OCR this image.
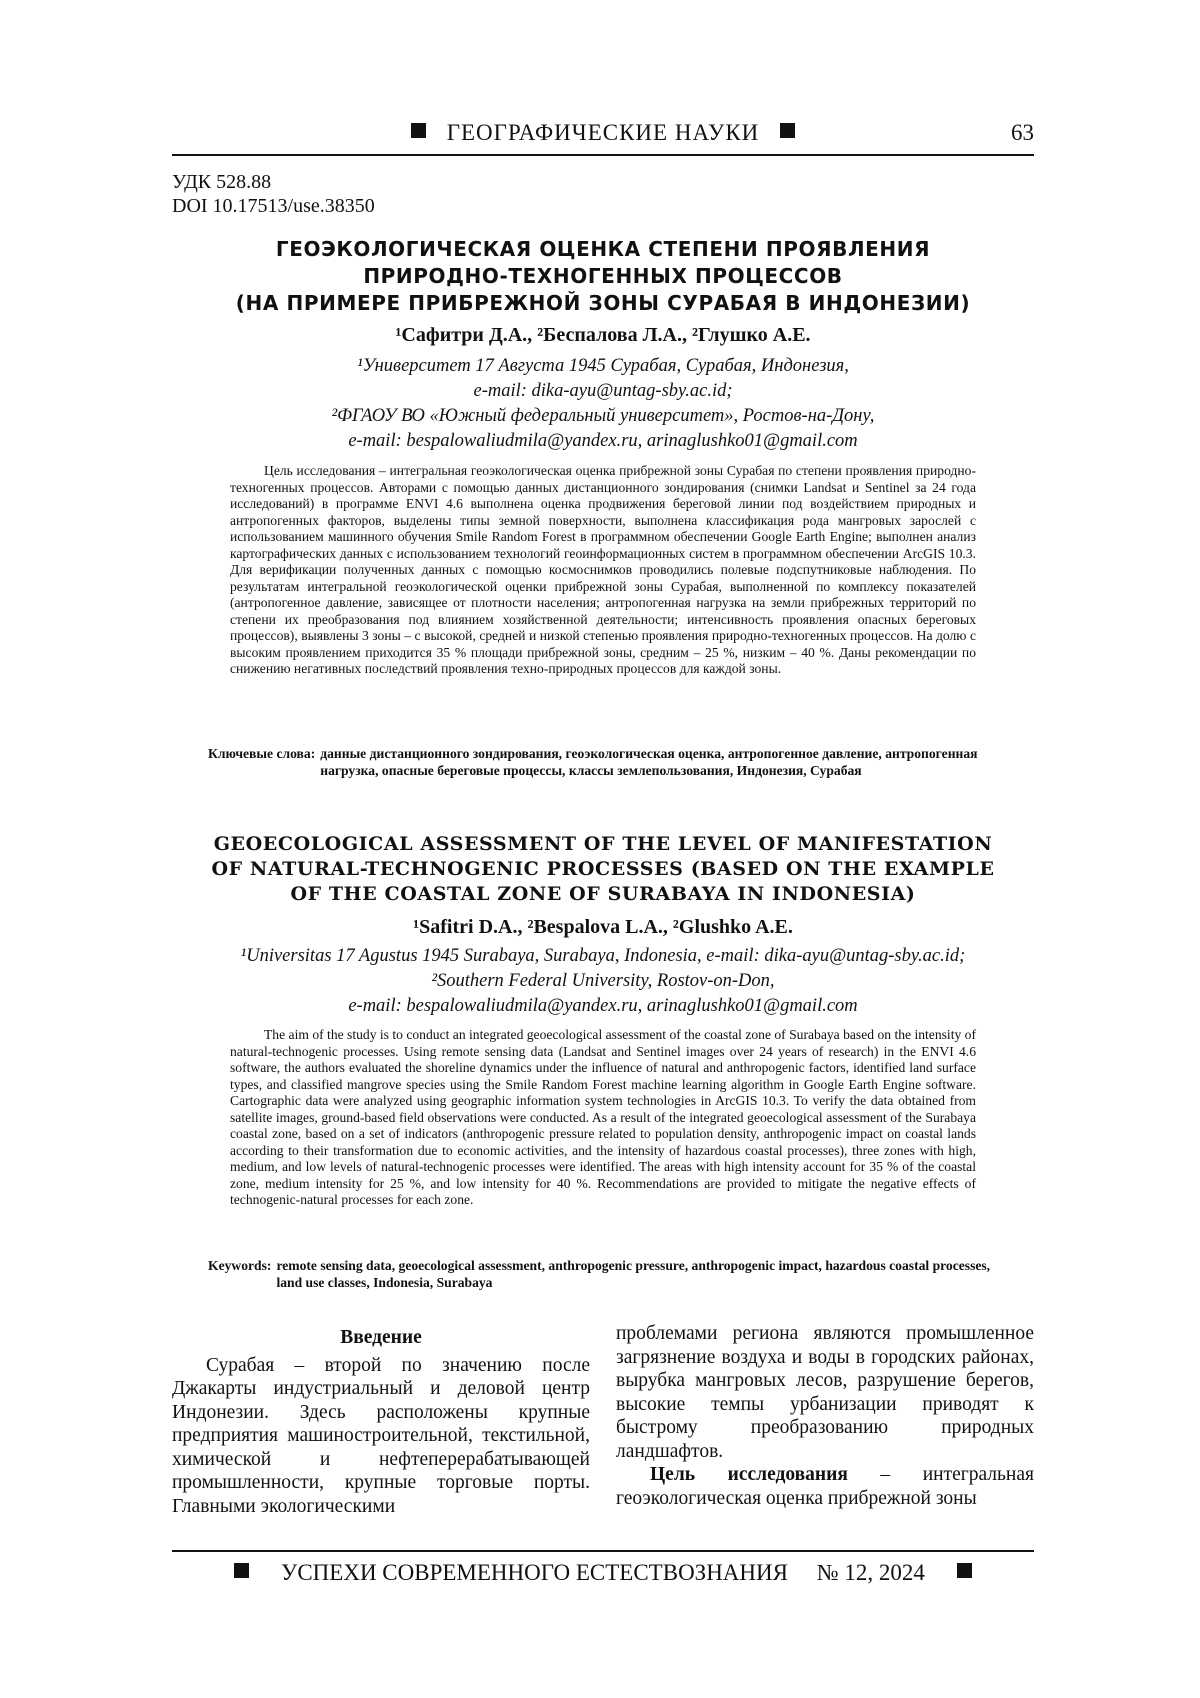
ГЕОГРАФИЧЕСКИЕ НАУКИ	63
УДК 528.88
DOI 10.17513/use.38350
ГЕОЭКОЛОГИЧЕСКАЯ ОЦЕНКА СТЕПЕНИ ПРОЯВЛЕНИЯ
ПРИРОДНО-ТЕХНОГЕННЫХ ПРОЦЕССОВ
(НА ПРИМЕРЕ ПРИБРЕЖНОЙ ЗОНЫ СУРАБАЯ В ИНДОНЕЗИИ)
¹Сафитри Д.А., ²Беспалова Л.А., ²Глушко А.Е.
¹Университет 17 Августа 1945 Сурабая, Сурабая, Индонезия,
e-mail: dika-ayu@untag-sby.ac.id;
²ФГАОУ ВО «Южный федеральный университет», Ростов-на-Дону,
e-mail: bespalowaliudmila@yandex.ru, arinaglushko01@gmail.com
Цель исследования – интегральная геоэкологическая оценка прибрежной зоны Сурабая по степени проявления природно-техногенных процессов. Авторами с помощью данных дистанционного зондирования (снимки Landsat и Sentinel за 24 года исследований) в программе ENVI 4.6 выполнена оценка продвижения береговой линии под воздействием природных и антропогенных факторов, выделены типы земной поверхности, выполнена классификация рода мангровых зарослей с использованием машинного обучения Smile Random Forest в программном обеспечении Google Earth Engine; выполнен анализ картографических данных с использованием технологий геоинформационных систем в программном обеспечении ArcGIS 10.3. Для верификации полученных данных с помощью космоснимков проводились полевые подспутниковые наблюдения. По результатам интегральной геоэкологической оценки прибрежной зоны Сурабая, выполненной по комплексу показателей (антропогенное давление, зависящее от плотности населения; антропогенная нагрузка на земли прибрежных территорий по степени их преобразования под влиянием хозяйственной деятельности; интенсивность проявления опасных береговых процессов), выявлены 3 зоны – с высокой, средней и низкой степенью проявления природно-техногенных процессов. На долю с высоким проявлением приходится 35 % площади прибрежной зоны, средним – 25 %, низким – 40 %. Даны рекомендации по снижению негативных последствий проявления техно-природных процессов для каждой зоны.
Ключевые слова: данные дистанционного зондирования, геоэкологическая оценка, антропогенное давление, антропогенная нагрузка, опасные береговые процессы, классы землепользования, Индонезия, Сурабая
GEOECOLOGICAL ASSESSMENT OF THE LEVEL OF MANIFESTATION
OF NATURAL-TECHNOGENIC PROCESSES (BASED ON THE EXAMPLE
OF THE COASTAL ZONE OF SURABAYA IN INDONESIA)
¹Safitri D.A., ²Bespalova L.A., ²Glushko A.E.
¹Universitas 17 Agustus 1945 Surabaya, Surabaya, Indonesia, e-mail: dika-ayu@untag-sby.ac.id;
²Southern Federal University, Rostov-on-Don,
e-mail: bespalowaliudmila@yandex.ru, arinaglushko01@gmail.com
The aim of the study is to conduct an integrated geoecological assessment of the coastal zone of Surabaya based on the intensity of natural-technogenic processes. Using remote sensing data (Landsat and Sentinel images over 24 years of research) in the ENVI 4.6 software, the authors evaluated the shoreline dynamics under the influence of natural and anthropogenic factors, identified land surface types, and classified mangrove species using the Smile Random Forest machine learning algorithm in Google Earth Engine software. Cartographic data were analyzed using geographic information system technologies in ArcGIS 10.3. To verify the data obtained from satellite images, ground-based field observations were conducted. As a result of the integrated geoecological assessment of the Surabaya coastal zone, based on a set of indicators (anthropogenic pressure related to population density, anthropogenic impact on coastal lands according to their transformation due to economic activities, and the intensity of hazardous coastal processes), three zones with high, medium, and low levels of natural-technogenic processes were identified. The areas with high intensity account for 35 % of the coastal zone, medium intensity for 25 %, and low intensity for 40 %. Recommendations are provided to mitigate the negative effects of technogenic-natural processes for each zone.
Keywords: remote sensing data, geoecological assessment, anthropogenic pressure, anthropogenic impact, hazardous coastal processes, land use classes, Indonesia, Surabaya
Введение

Сурабая – второй по значению после Джакарты индустриальный и деловой центр Индонезии. Здесь расположены крупные предприятия машиностроительной, текстильной, химической и нефтеперерабатывающей промышленности, крупные торговые порты. Главными экологическими

проблемами региона являются промышленное загрязнение воздуха и воды в городских районах, вырубка мангровых лесов, разрушение берегов, высокие темпы урбанизации приводят к быстрому преобразованию природных ландшафтов.

Цель исследования – интегральная геоэкологическая оценка прибрежной зоны

УСПЕХИ СОВРЕМЕННОГО ЕСТЕСТВОЗНАНИЯ № 12, 2024
